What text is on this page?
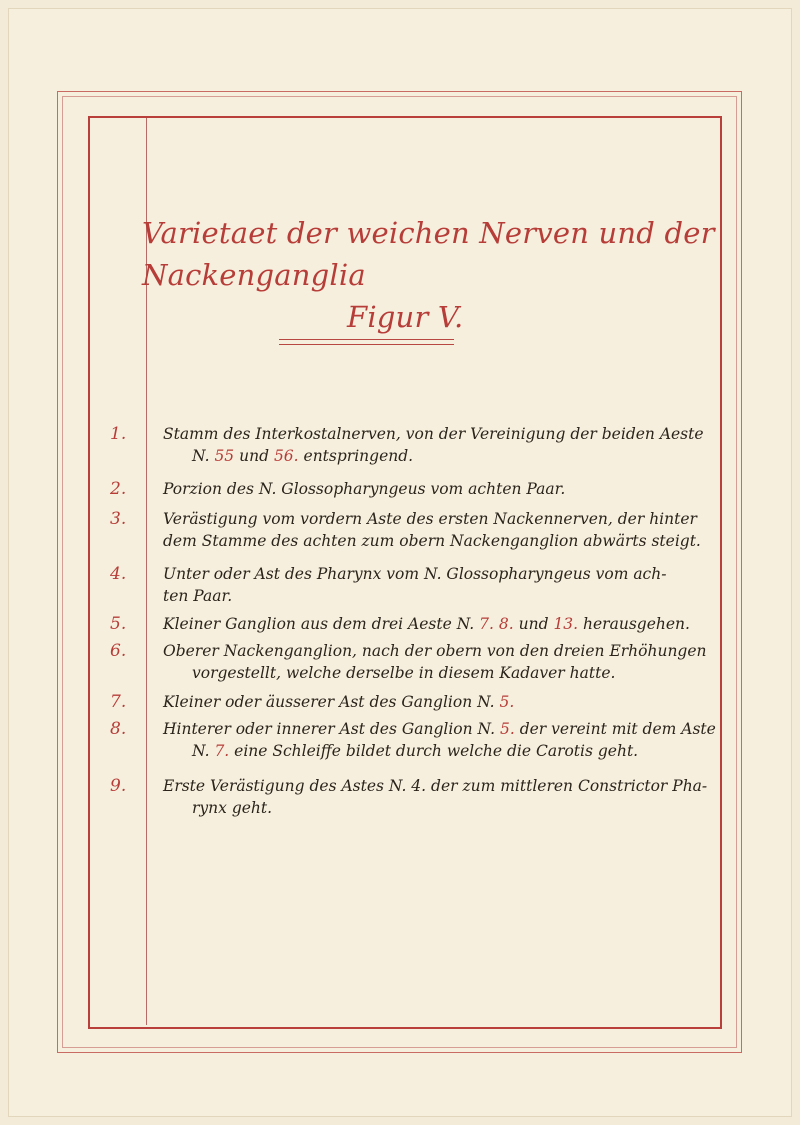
Varietaet der weichen Nerven und der Nackenganglia
Figur V.
1.	Stamm des Interkostalnerven, von der Vereinigung der beiden Aeste
N. 55 und 56. entspringend.
2.	Porzion des N. Glossopharyngeus vom achten Paar.
3.	Verästigung vom vordern Aste des ersten Nackennerven, der hinter
dem Stamme des achten zum obern Nackenganglion abwärts steigt.
4.	Unter oder Ast des Pharynx vom N. Glossopharyngeus vom ach-
ten Paar.
5.	Kleiner Ganglion aus dem drei Aeste N. 7. 8. und 13. herausgehen.
6.	Oberer Nackenganglion, nach der obern von den dreien Erhöhungen
vorgestellt, welche derselbe in diesem Kadaver hatte.
7.	Kleiner oder äusserer Ast des Ganglion N. 5.
8.	Hinterer oder innerer Ast des Ganglion N. 5. der vereint mit dem Aste
N. 7. eine Schleiffe bildet durch welche die Carotis geht.
9.	Erste Verästigung des Astes N. 4. der zum mittleren Constrictor Pha-
rynx geht.
